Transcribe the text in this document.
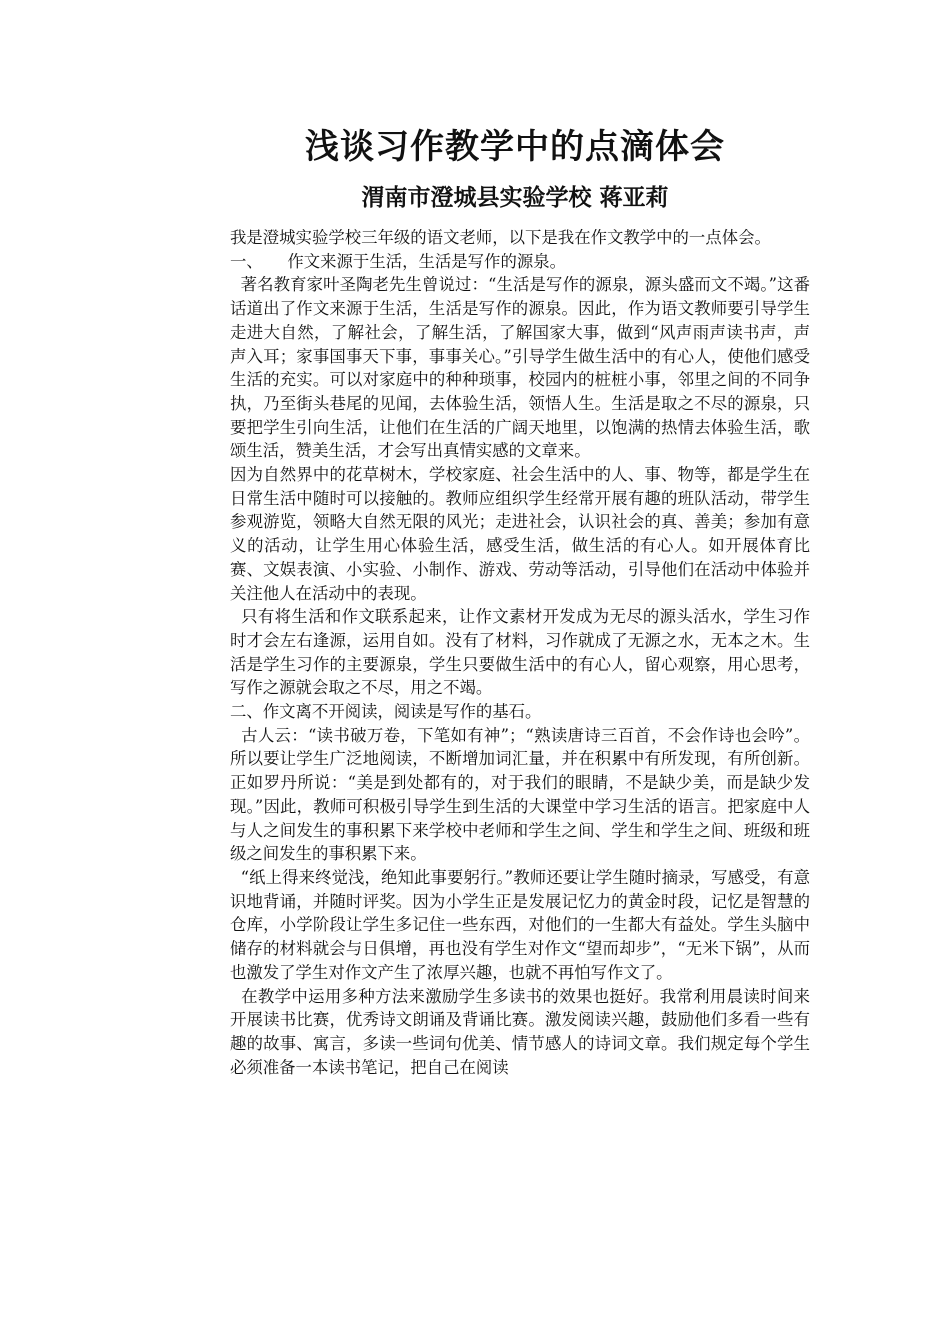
浅谈习作教学中的点滴体会
渭南市澄城县实验学校 蒋亚莉

我是澄城实验学校三年级的语文老师，以下是我在作文教学中的一点体会。

一、　　作文来源于生活，生活是写作的源泉。

著名教育家叶圣陶老先生曾说过：“生活是写作的源泉，源头盛而文不竭。”这番话道出了作文来源于生活，生活是写作的源泉。因此，作为语文教师要引导学生走进大自然，了解社会，了解生活，了解国家大事，做到“风声雨声读书声，声声入耳；家事国事天下事，事事关心。”引导学生做生活中的有心人，使他们感受生活的充实。可以对家庭中的种种琐事，校园内的桩桩小事，邻里之间的不同争执，乃至街头巷尾的见闻，去体验生活，领悟人生。生活是取之不尽的源泉，只要把学生引向生活，让他们在生活的广阔天地里，以饱满的热情去体验生活，歌颂生活，赞美生活，才会写出真情实感的文章来。

因为自然界中的花草树木，学校家庭、社会生活中的人、事、物等，都是学生在日常生活中随时可以接触的。教师应组织学生经常开展有趣的班队活动，带学生参观游览，领略大自然无限的风光；走进社会，认识社会的真、善美；参加有意义的活动，让学生用心体验生活，感受生活，做生活的有心人。如开展体育比赛、文娱表演、小实验、小制作、游戏、劳动等活动，引导他们在活动中体验并关注他人在活动中的表现。

只有将生活和作文联系起来，让作文素材开发成为无尽的源头活水，学生习作时才会左右逢源，运用自如。没有了材料，习作就成了无源之水，无本之木。生活是学生习作的主要源泉，学生只要做生活中的有心人，留心观察，用心思考，写作之源就会取之不尽，用之不竭。

二、作文离不开阅读，阅读是写作的基石。

古人云：“读书破万卷，下笔如有神”；“熟读唐诗三百首，不会作诗也会吟”。所以要让学生广泛地阅读，不断增加词汇量，并在积累中有所发现，有所创新。正如罗丹所说：“美是到处都有的，对于我们的眼睛，不是缺少美，而是缺少发现。”因此，教师可积极引导学生到生活的大课堂中学习生活的语言。把家庭中人与人之间发生的事积累下来学校中老师和学生之间、学生和学生之间、班级和班级之间发生的事积累下来。

“纸上得来终觉浅，绝知此事要躬行。”教师还要让学生随时摘录，写感受，有意识地背诵，并随时评奖。因为小学生正是发展记忆力的黄金时段，记忆是智慧的仓库，小学阶段让学生多记住一些东西，对他们的一生都大有益处。学生头脑中储存的材料就会与日俱增，再也没有学生对作文“望而却步”，“无米下锅”，从而也激发了学生对作文产生了浓厚兴趣，也就不再怕写作文了。

在教学中运用多种方法来激励学生多读书的效果也挺好。我常利用晨读时间来开展读书比赛，优秀诗文朗诵及背诵比赛。激发阅读兴趣，鼓励他们多看一些有趣的故事、寓言，多读一些词句优美、情节感人的诗词文章。我们规定每个学生必须准备一本读书笔记，把自己在阅读
